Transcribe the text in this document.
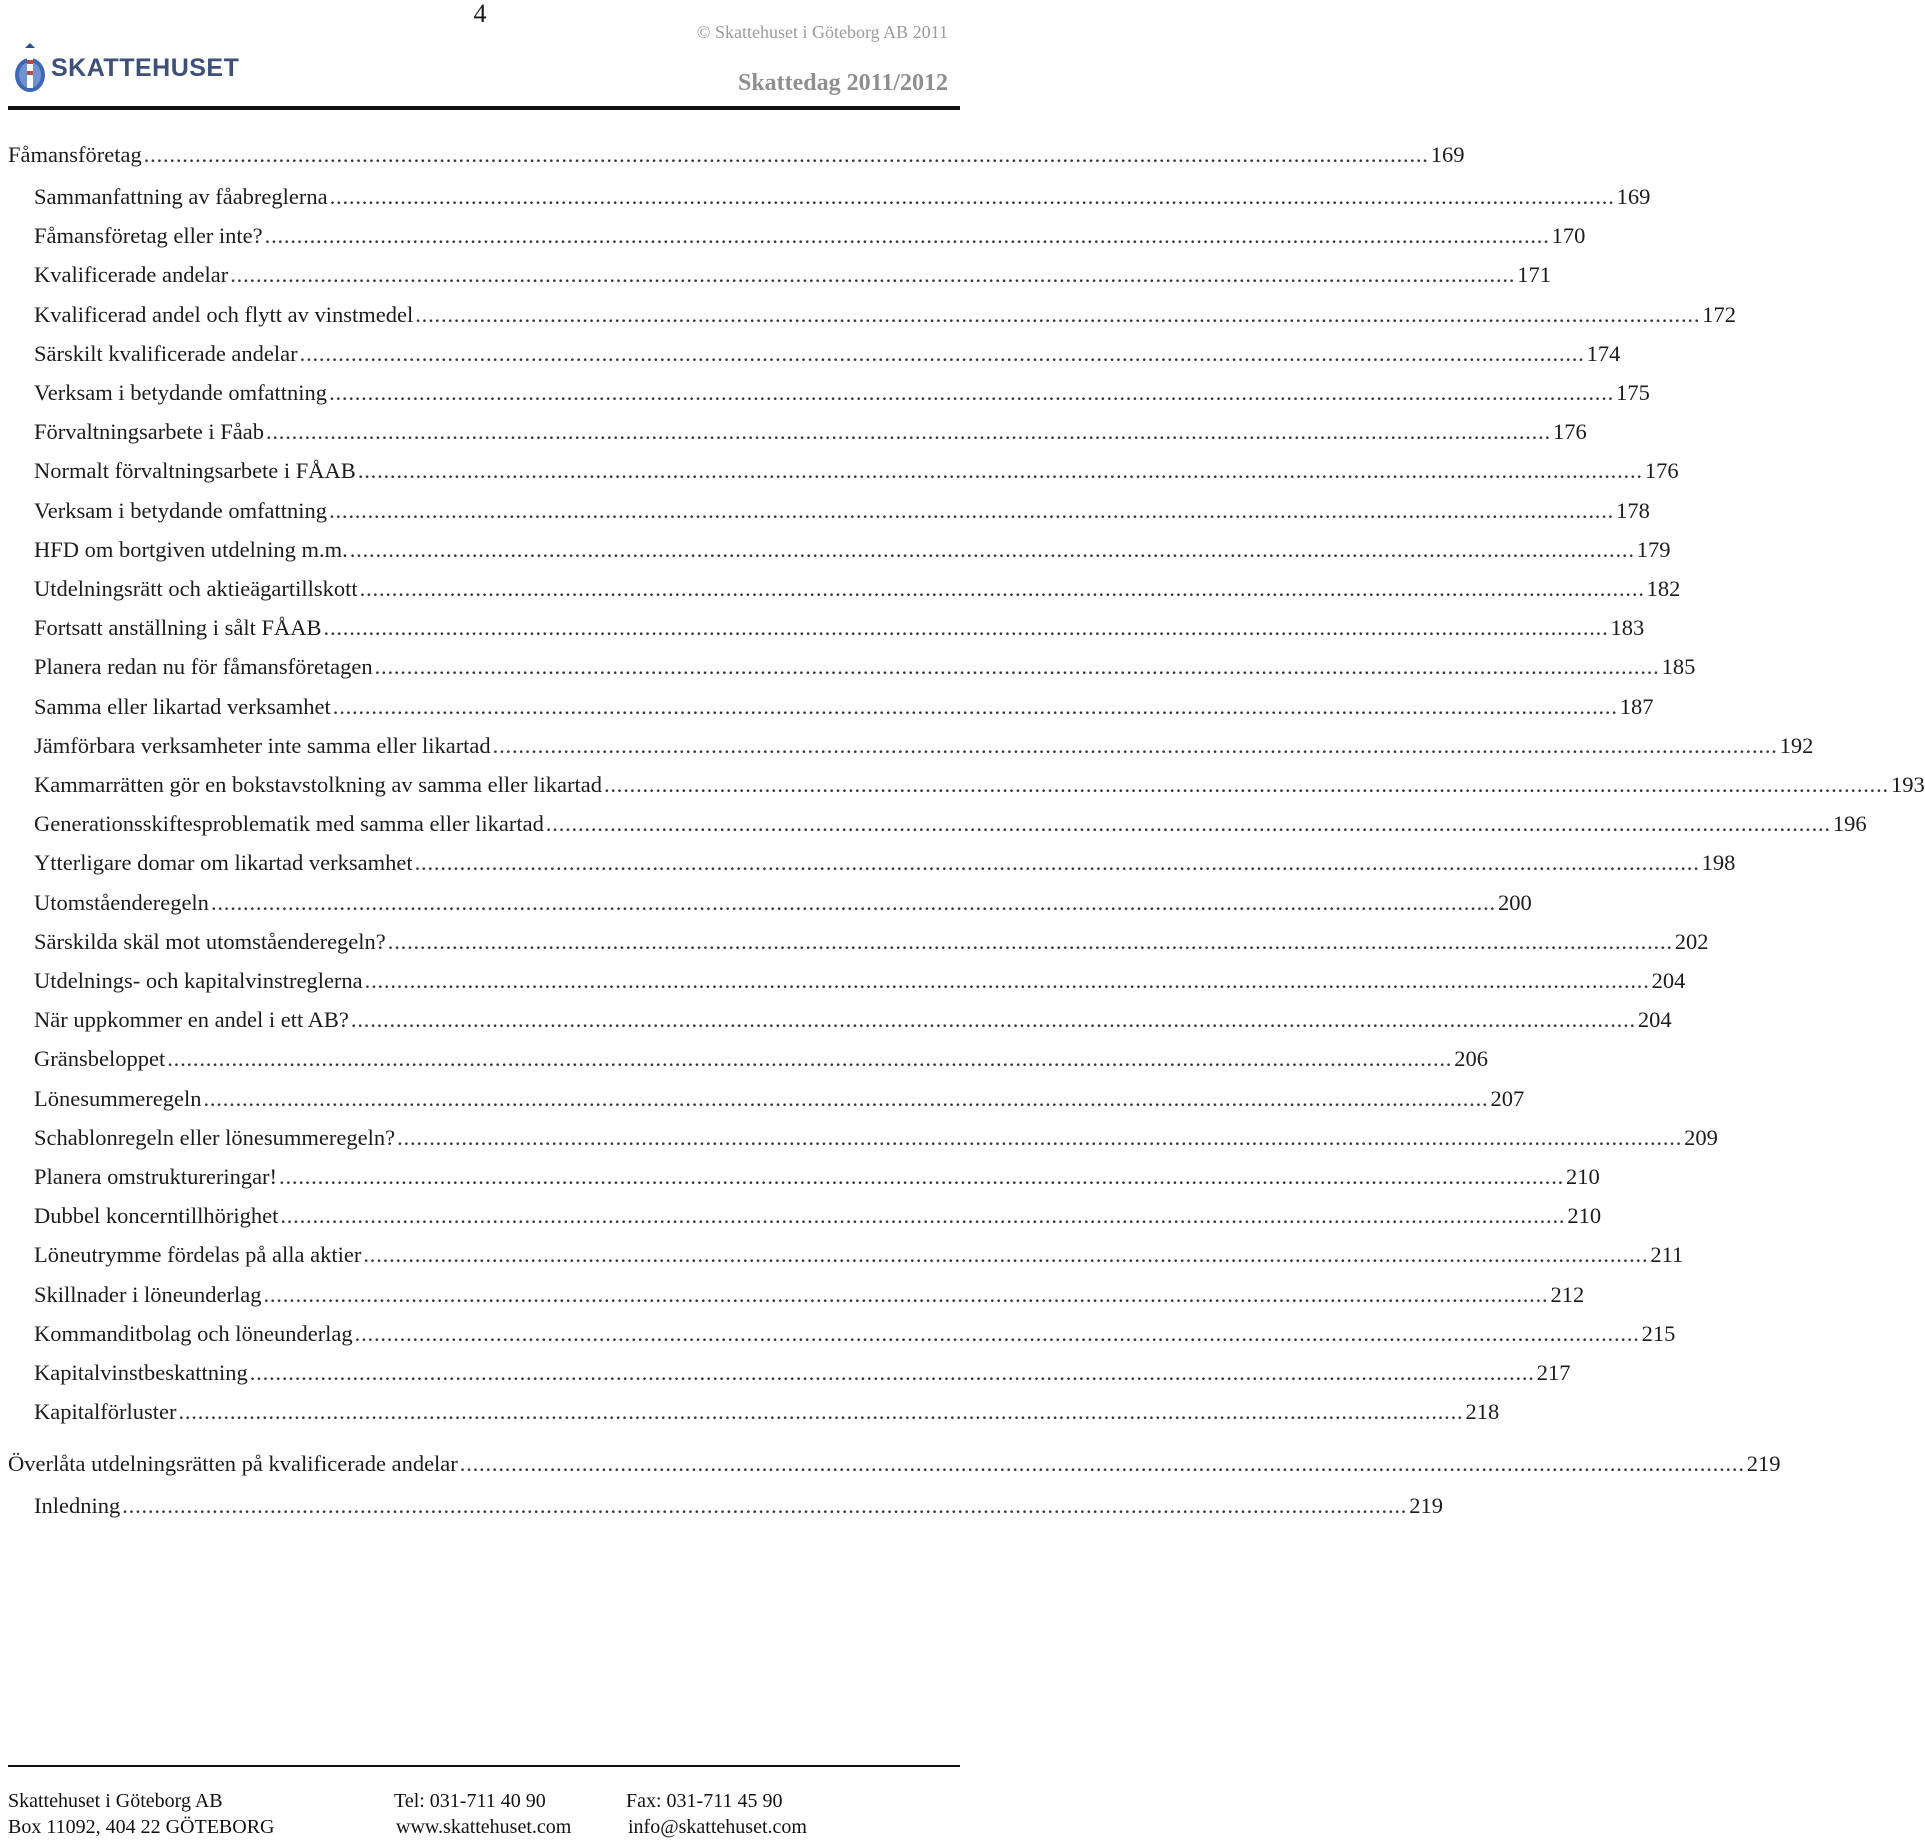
4
SKATTEHUSET
© Skattehuset i Göteborg AB 2011
Skattedag 2011/2012
Fåmansföretag ........................................................................................................................................................................................................ 169
Sammanfattning av fåabreglerna ........................................................................................................................................................................................................ 169
Fåmansföretag eller inte? ........................................................................................................................................................................................................ 170
Kvalificerade andelar ........................................................................................................................................................................................................ 171
Kvalificerad andel och flytt av vinstmedel ........................................................................................................................................................................................................ 172
Särskilt kvalificerade andelar ........................................................................................................................................................................................................ 174
Verksam i betydande omfattning ........................................................................................................................................................................................................ 175
Förvaltningsarbete i Fåab ........................................................................................................................................................................................................ 176
Normalt förvaltningsarbete i FÅAB ........................................................................................................................................................................................................ 176
Verksam i betydande omfattning ........................................................................................................................................................................................................ 178
HFD om bortgiven utdelning m.m. ........................................................................................................................................................................................................ 179
Utdelningsrätt och aktieägartillskott ........................................................................................................................................................................................................ 182
Fortsatt anställning i sålt FÅAB ........................................................................................................................................................................................................ 183
Planera redan nu för fåmansföretagen ........................................................................................................................................................................................................ 185
Samma eller likartad verksamhet ........................................................................................................................................................................................................ 187
Jämförbara verksamheter inte samma eller likartad ........................................................................................................................................................................................................ 192
Kammarrätten gör en bokstavstolkning av samma eller likartad ........................................................................................................................................................................................................ 193
Generationsskiftesproblematik med samma eller likartad ........................................................................................................................................................................................................ 196
Ytterligare domar om likartad verksamhet ........................................................................................................................................................................................................ 198
Utomståenderegeln ........................................................................................................................................................................................................ 200
Särskilda skäl mot utomståenderegeln? ........................................................................................................................................................................................................ 202
Utdelnings- och kapitalvinstreglerna ........................................................................................................................................................................................................ 204
När uppkommer en andel i ett AB? ........................................................................................................................................................................................................ 204
Gränsbeloppet ........................................................................................................................................................................................................ 206
Lönesummeregeln ........................................................................................................................................................................................................ 207
Schablonregeln eller lönesummeregeln? ........................................................................................................................................................................................................ 209
Planera omstruktureringar! ........................................................................................................................................................................................................ 210
Dubbel koncerntillhörighet ........................................................................................................................................................................................................ 210
Löneutrymme fördelas på alla aktier ........................................................................................................................................................................................................ 211
Skillnader i löneunderlag ........................................................................................................................................................................................................ 212
Kommanditbolag och löneunderlag ........................................................................................................................................................................................................ 215
Kapitalvinstbeskattning ........................................................................................................................................................................................................ 217
Kapitalförluster ........................................................................................................................................................................................................ 218
Överlåta utdelningsrätten på kvalificerade andelar ........................................................................................................................................................................................................ 219
Inledning ........................................................................................................................................................................................................ 219
Skattehuset i Göteborg AB
Box 11092, 404 22 GÖTEBORG
Tel: 031-711 40 90
www.skattehuset.com
Fax: 031-711 45 90
info@skattehuset.com
